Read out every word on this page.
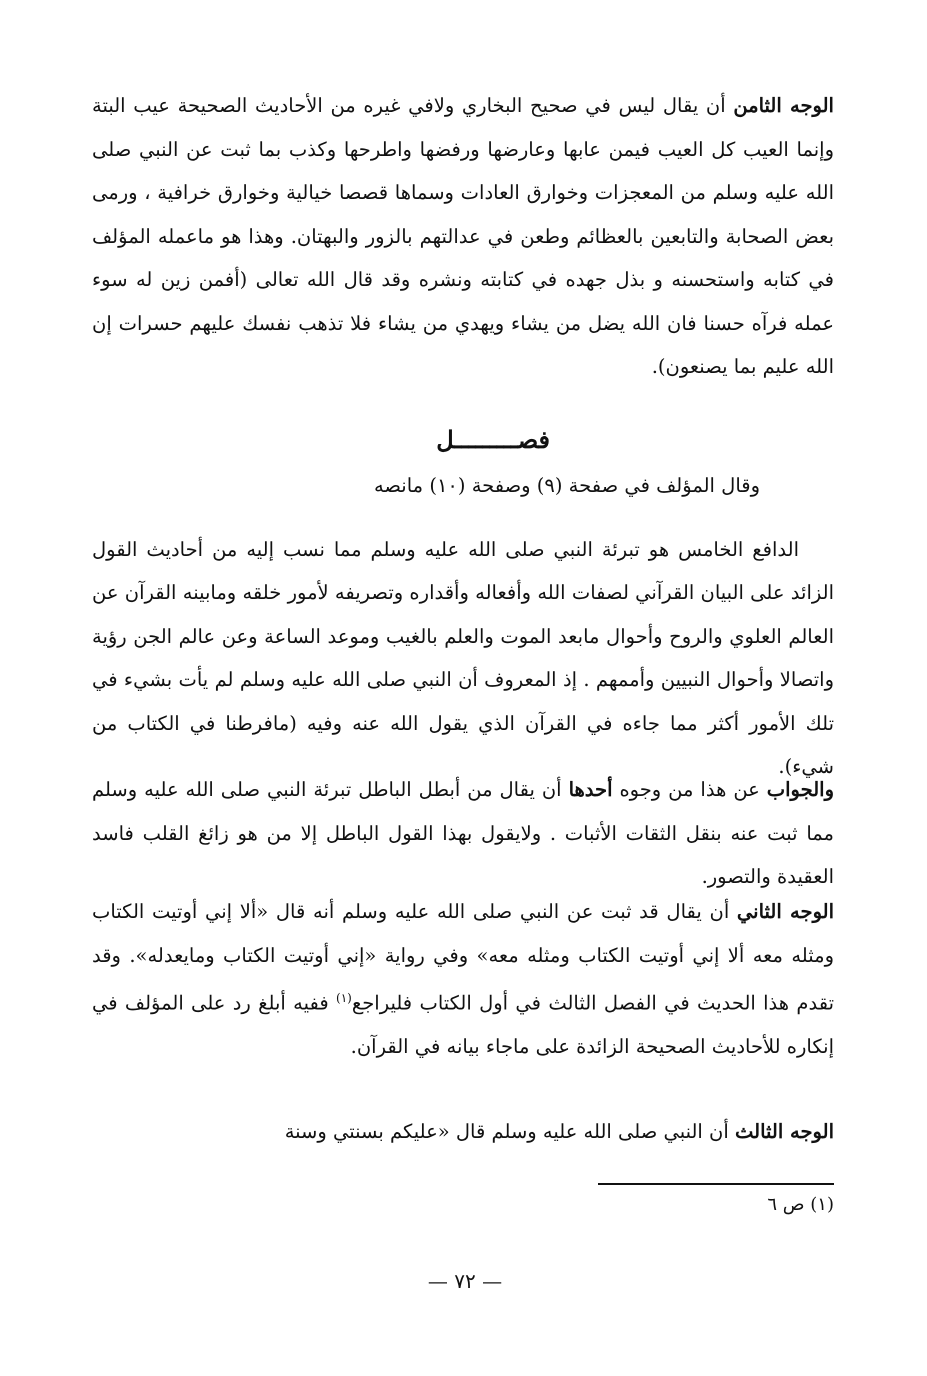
الوجه الثامن أن يقال ليس في صحيح البخاري ولافي غيره من الأحاديث الصحيحة عيب البتة وإنما العيب كل العيب فيمن عابها وعارضها ورفضها واطرحها وكذب بما ثبت عن النبي صلى الله عليه وسلم من المعجزات وخوارق العادات وسماها قصصا خيالية وخوارق خرافية ، ورمى بعض الصحابة والتابعين بالعظائم وطعن في عدالتهم بالزور والبهتان. وهذا هو ماعمله المؤلف في كتابه واستحسنه و بذل جهده في كتابته ونشره وقد قال الله تعالى (أفمن زين له سوء عمله فرآه حسنا فان الله يضل من يشاء ويهدي من يشاء فلا تذهب نفسك عليهم حسرات إن الله عليم بما يصنعون).

فصـــــــــل
وقال المؤلف في صفحة (٩) وصفحة (١٠) مانصه

الدافع الخامس هو تبرئة النبي صلى الله عليه وسلم مما نسب إليه من أحاديث القول الزائد على البيان القرآني لصفات الله وأفعاله وأقداره وتصريفه لأمور خلقه ومابينه القرآن عن العالم العلوي والروح وأحوال مابعد الموت والعلم بالغيب وموعد الساعة وعن عالم الجن رؤية واتصالا وأحوال النبيين وأممهم . إذ المعروف أن النبي صلى الله عليه وسلم لم يأت بشيء في تلك الأمور أكثر مما جاءه في القرآن الذي يقول الله عنه وفيه (مافرطنا في الكتاب من شيء).

والجواب عن هذا من وجوه أحدها أن يقال من أبطل الباطل تبرئة النبي صلى الله عليه وسلم مما ثبت عنه بنقل الثقات الأثبات . ولايقول بهذا القول الباطل إلا من هو زائغ القلب فاسد العقيدة والتصور.

الوجه الثاني أن يقال قد ثبت عن النبي صلى الله عليه وسلم أنه قال «ألا إني أوتيت الكتاب ومثله معه ألا إني أوتيت الكتاب ومثله معه» وفي رواية «إني أوتيت الكتاب ومايعدله». وقد تقدم هذا الحديث في الفصل الثالث في أول الكتاب فليراجع$^{(١)}$ ففيه أبلغ رد على المؤلف في إنكاره للأحاديث الصحيحة الزائدة على ماجاء بيانه في القرآن.

الوجه الثالث أن النبي صلى الله عليه وسلم قال «عليكم بسنتي وسنة

(١) ص ٦
— ٧٢ —
